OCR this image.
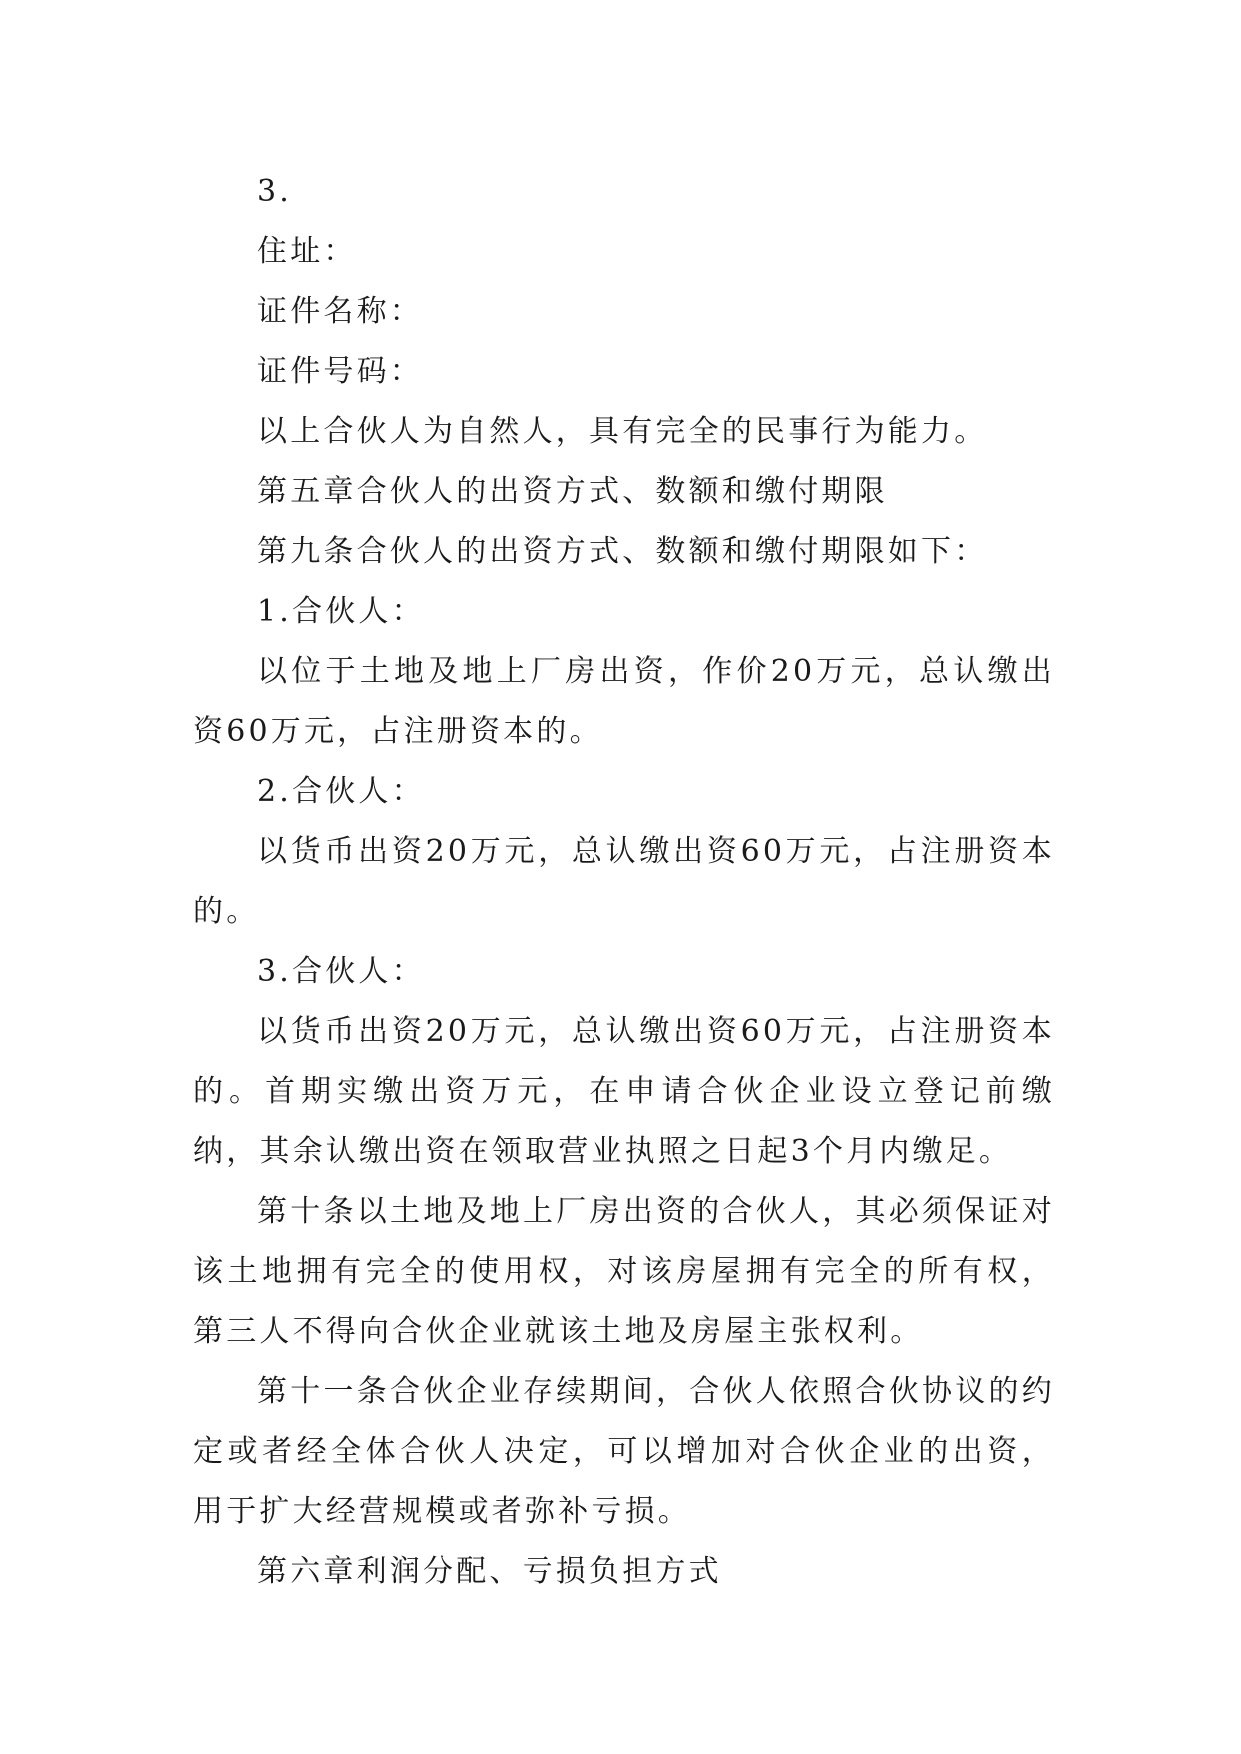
3.

住址：

证件名称：

证件号码：

以上合伙人为自然人，具有完全的民事行为能力。

第五章合伙人的出资方式、数额和缴付期限

第九条合伙人的出资方式、数额和缴付期限如下：

1.合伙人：

以位于土地及地上厂房出资，作价20万元，总认缴出资60万元，占注册资本的。

2.合伙人：

以货币出资20万元，总认缴出资60万元，占注册资本的。

3.合伙人：

以货币出资20万元，总认缴出资60万元，占注册资本的。首期实缴出资万元，在申请合伙企业设立登记前缴纳，其余认缴出资在领取营业执照之日起3个月内缴足。

第十条以土地及地上厂房出资的合伙人，其必须保证对该土地拥有完全的使用权，对该房屋拥有完全的所有权，第三人不得向合伙企业就该土地及房屋主张权利。

第十一条合伙企业存续期间，合伙人依照合伙协议的约定或者经全体合伙人决定，可以增加对合伙企业的出资，用于扩大经营规模或者弥补亏损。

第六章利润分配、亏损负担方式
